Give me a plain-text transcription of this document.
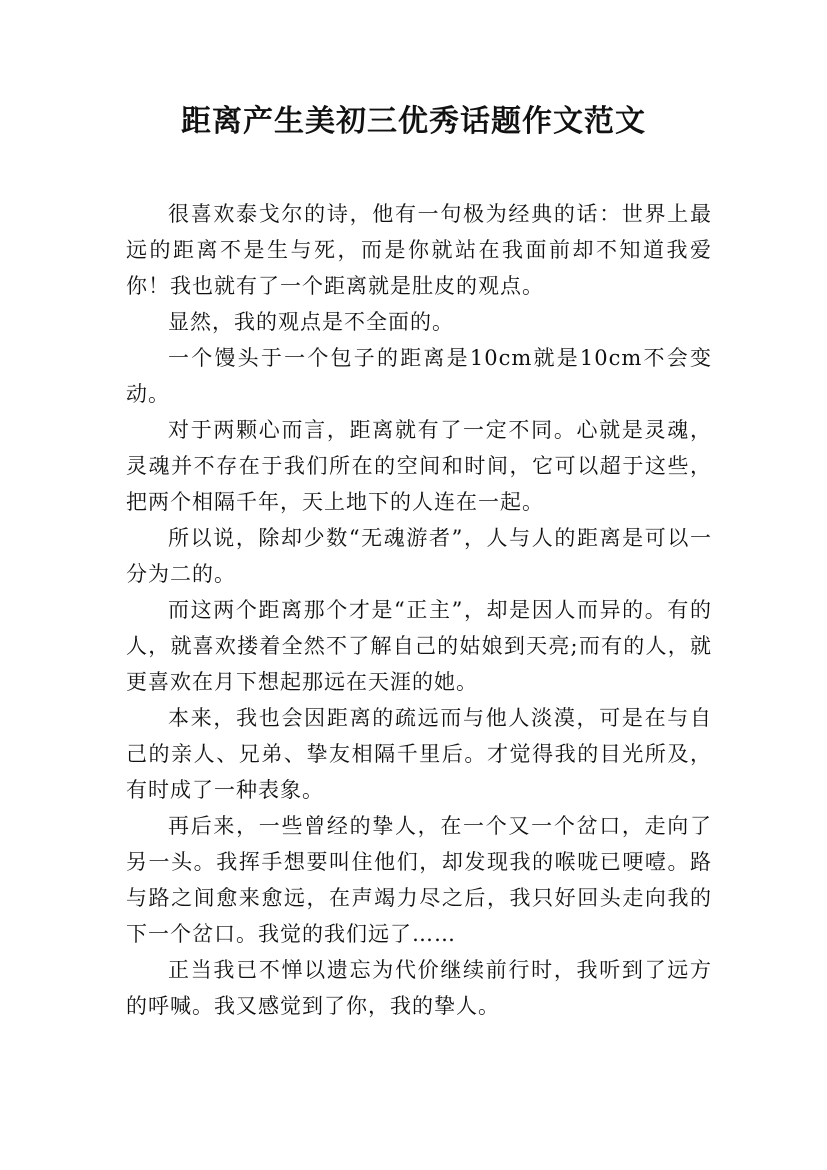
距离产生美初三优秀话题作文范文

很喜欢泰戈尔的诗，他有一句极为经典的话：世界上最远的距离不是生与死，而是你就站在我面前却不知道我爱你！我也就有了一个距离就是肚皮的观点。

显然，我的观点是不全面的。

一个馒头于一个包子的距离是10cm就是10cm不会变动。

对于两颗心而言，距离就有了一定不同。心就是灵魂，灵魂并不存在于我们所在的空间和时间，它可以超于这些，把两个相隔千年，天上地下的人连在一起。

所以说，除却少数“无魂游者”，人与人的距离是可以一分为二的。

而这两个距离那个才是“正主”，却是因人而异的。有的人，就喜欢搂着全然不了解自己的姑娘到天亮;而有的人，就更喜欢在月下想起那远在天涯的她。

本来，我也会因距离的疏远而与他人淡漠，可是在与自己的亲人、兄弟、挚友相隔千里后。才觉得我的目光所及，有时成了一种表象。

再后来，一些曾经的挚人，在一个又一个岔口，走向了另一头。我挥手想要叫住他们，却发现我的喉咙已哽噎。路与路之间愈来愈远，在声竭力尽之后，我只好回头走向我的下一个岔口。我觉的我们远了……

正当我已不惮以遗忘为代价继续前行时，我听到了远方的呼喊。我又感觉到了你，我的挚人。
